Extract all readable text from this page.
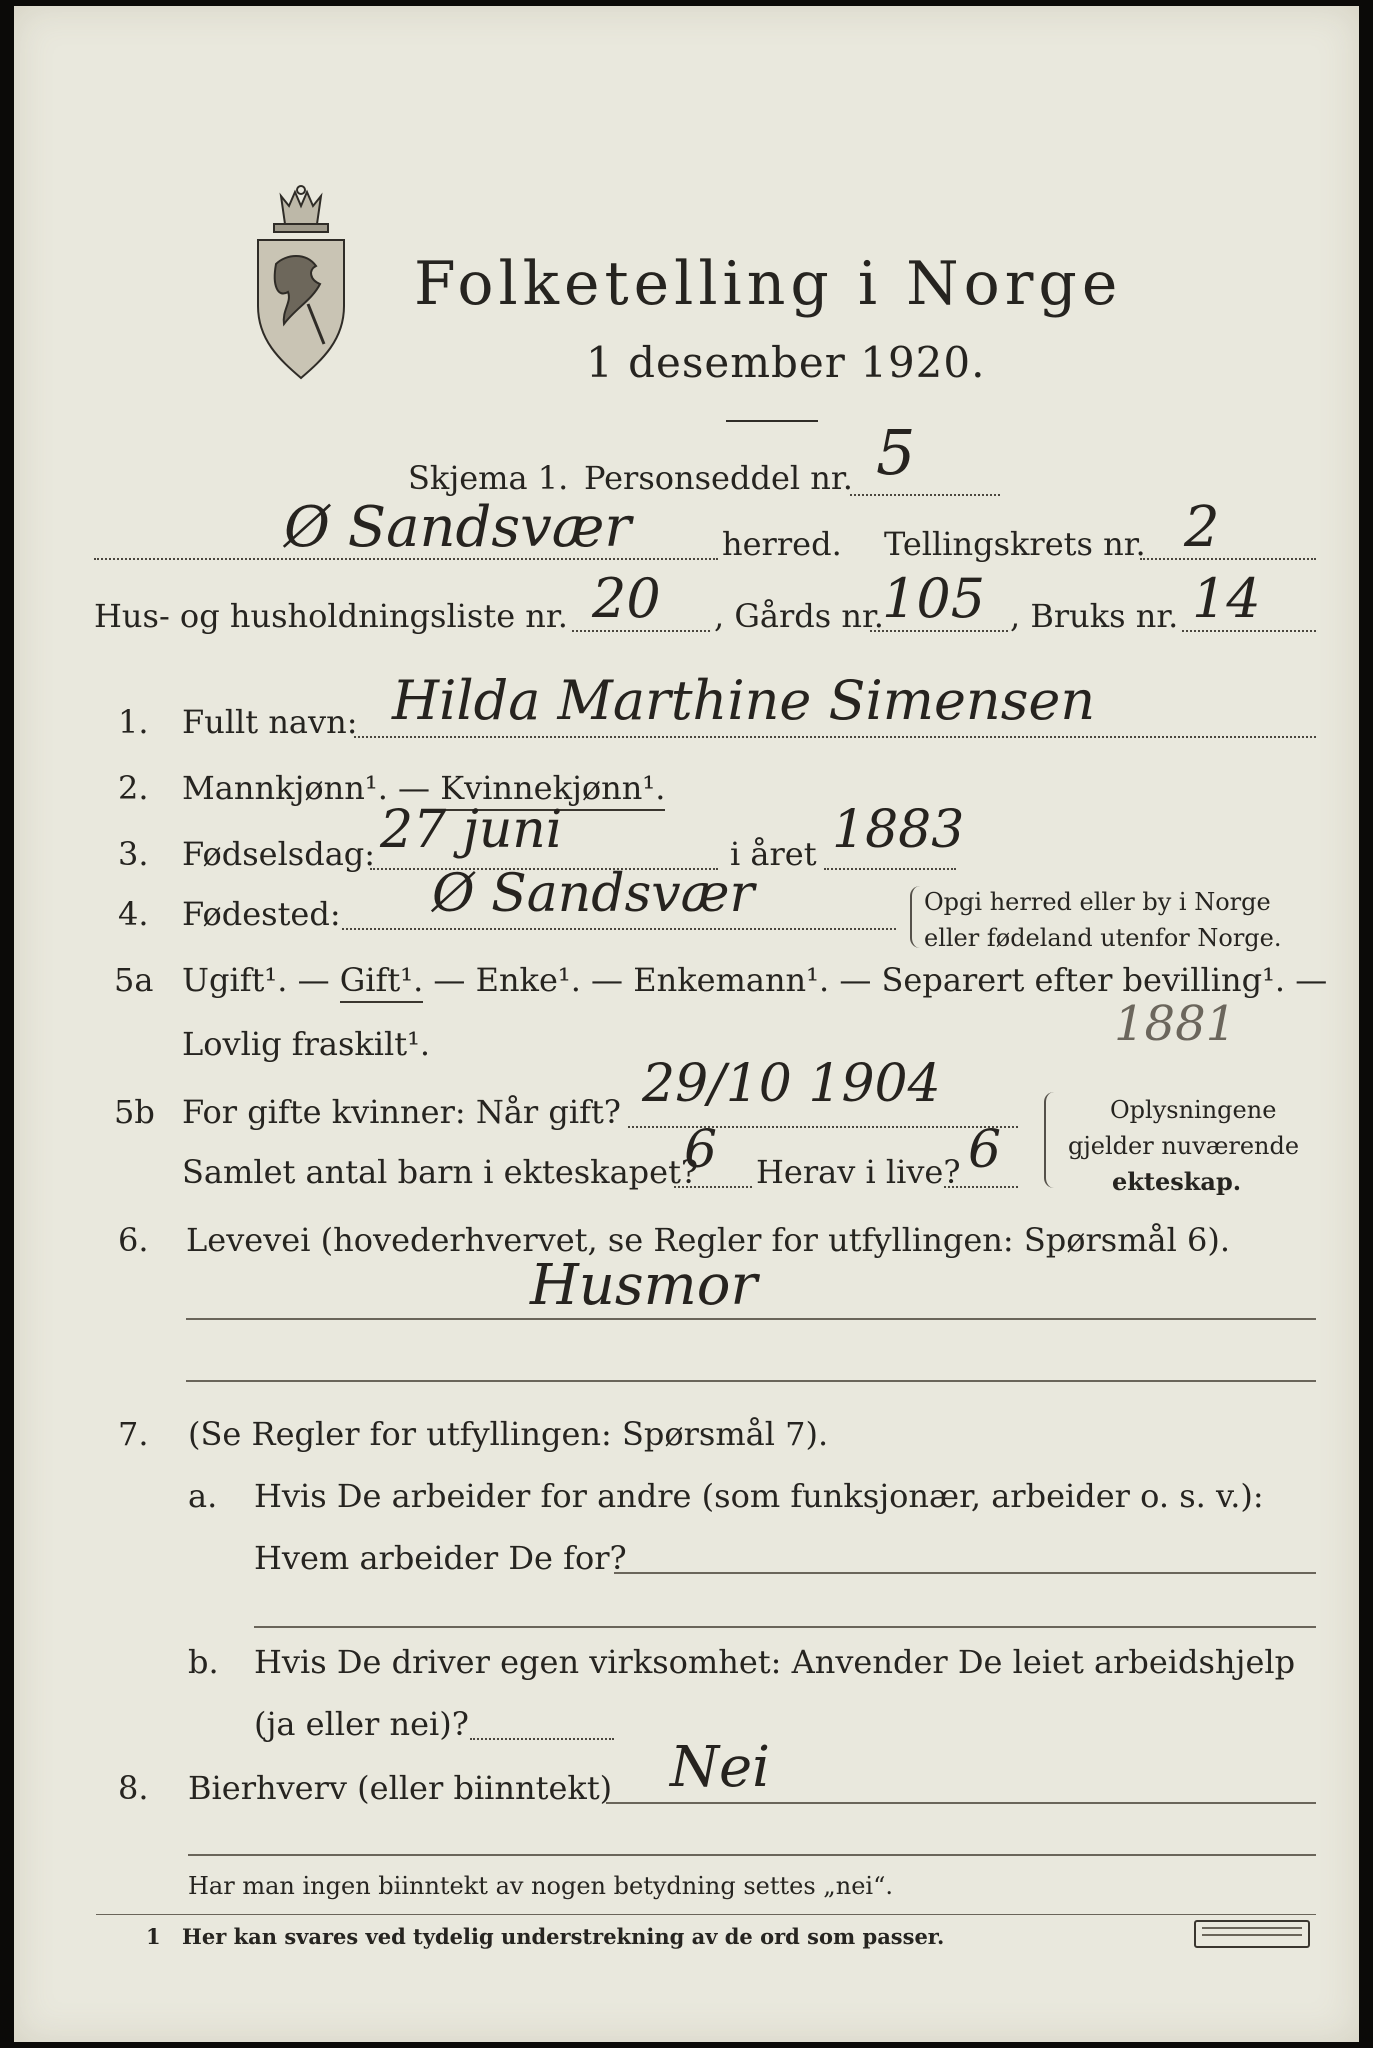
Folketelling i Norge
1 desember 1920.
Skjema 1. Personseddel nr. 5
Ø Sandsvær	herred. Tellingskrets nr. 2
Hus- og husholdningsliste nr. 20 , Gårds nr.
105 , Bruks nr. 14
1. Fullt navn: Hilda Marthine Simensen
2. Mannkjønn¹. — Kvinnekjønn¹.
3. Fødselsdag: 27 juni	i året 1883
4. Fødested: Ø Sandsvær	Opgi herred eller by i Norge
eller fødeland utenfor Norge.
5a Ugift¹. — Gift¹. — Enke¹. — Enkemann¹. — Separert efter bevilling¹. —
Lovlig fraskilt¹.	1881
5b For gifte kvinner: Når gift? 29/10 1904
Samlet antal barn i ekteskapet?
6 Herav i live? 6
Oplysningene
gjelder nuværende
ekteskap.
6. Levevei (hovederhvervet, se Regler for utfyllingen: Spørsmål 6).
Husmor
7. (Se Regler for utfyllingen: Spørsmål 7).
a. Hvis De arbeider for andre (som funksjonær, arbeider o. s. v.):
Hvem arbeider De for?
b. Hvis De driver egen virksomhet: Anvender De leiet arbeidshjelp
(ja eller nei)?
8. Bierhverv (eller biinntekt) Nei
Har man ingen biinntekt av nogen betydning settes „nei“.
1 Her kan svares ved tydelig understrekning av de ord som passer.
